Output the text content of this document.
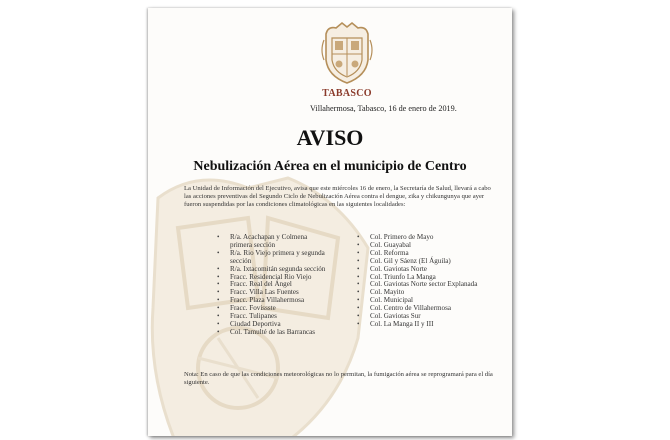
TABASCO
Villahermosa, Tabasco, 16 de enero de 2019.
AVISO
Nebulización Aérea en el municipio de Centro
La Unidad de Información del Ejecutivo, avisa que este miércoles 16 de enero, la Secretaría de Salud, llevará a cabo las acciones preventivas del Segundo Ciclo de Nebulización Aérea contra el dengue, zika y chikungunya que ayer fueron suspendidas por las condiciones climatológicas en las siguientes localidades:
• R/a. Acachapan y Colmena primera sección
• R/a. Rio Viejo primera y segunda sección
• R/a. Ixtacomitán segunda sección
• Fracc. Residencial Rio Viejo
• Fracc. Real del Ángel
• Fracc. Villa Las Fuentes
• Fracc. Plaza Villahermosa
• Fracc. Fovissste
• Fracc. Tulipanes
• Ciudad Deportiva
• Col. Tamulté de las Barrancas
• Col. Primero de Mayo
• Col. Guayabal
• Col. Reforma
• Col. Gil y Sáenz (El Águila)
• Col. Gaviotas Norte
• Col. Triunfo La Manga
• Col. Gaviotas Norte sector Explanada
• Col. Mayito
• Col. Municipal
• Col. Centro de Villahermosa
• Col. Gaviotas Sur
• Col. La Manga II y III
Nota: En caso de que las condiciones meteorológicas no lo permitan, la fumigación aérea se reprogramará para el día siguiente.
